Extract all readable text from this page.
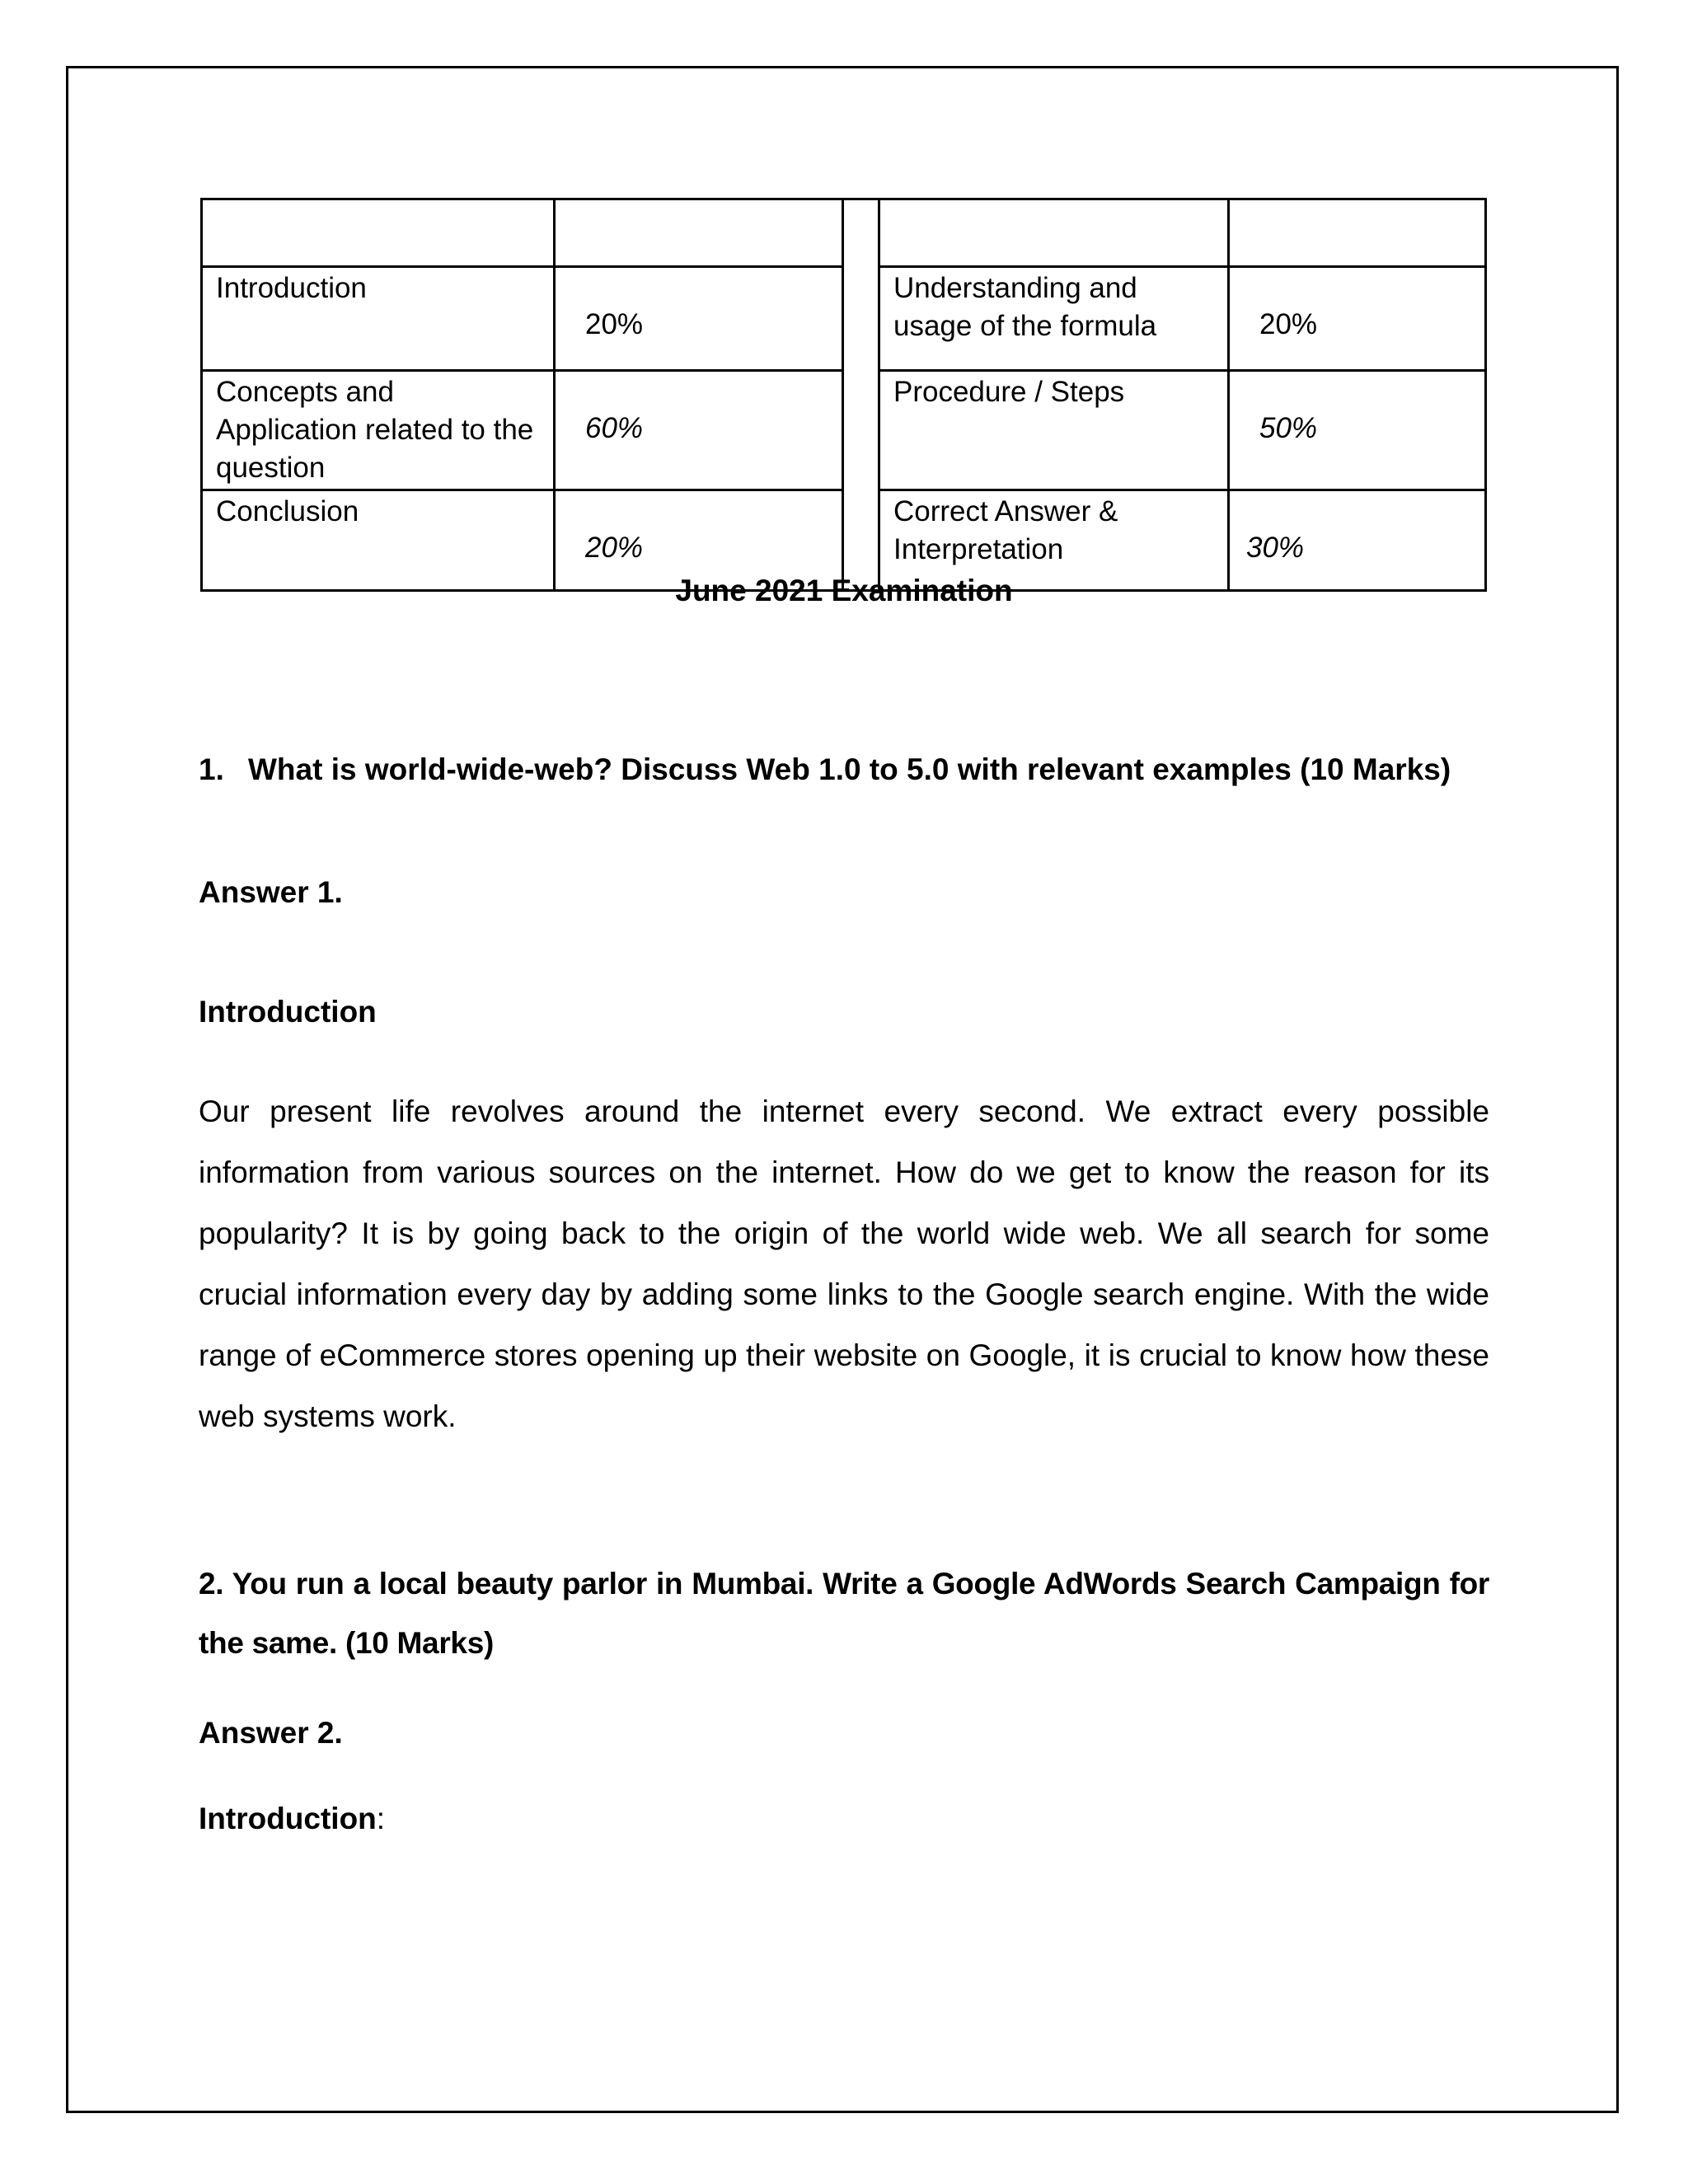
Introduction	20%		Understanding and usage of the formula	20%
Concepts and Application related to the question	60%		Procedure / Steps	50%
Conclusion	20%		Correct Answer & Interpretation	30%
June 2021 Examination
1. What is world-wide-web? Discuss Web 1.0 to 5.0 with relevant examples (10 Marks)
Answer 1.
Introduction
Our present life revolves around the internet every second. We extract every possible information from various sources on the internet. How do we get to know the reason for its popularity? It is by going back to the origin of the world wide web. We all search for some crucial information every day by adding some links to the Google search engine. With the wide range of eCommerce stores opening up their website on Google, it is crucial to know how these web systems work.
2. You run a local beauty parlor in Mumbai. Write a Google AdWords Search Campaign for the same. (10 Marks)
Answer 2.
Introduction:
